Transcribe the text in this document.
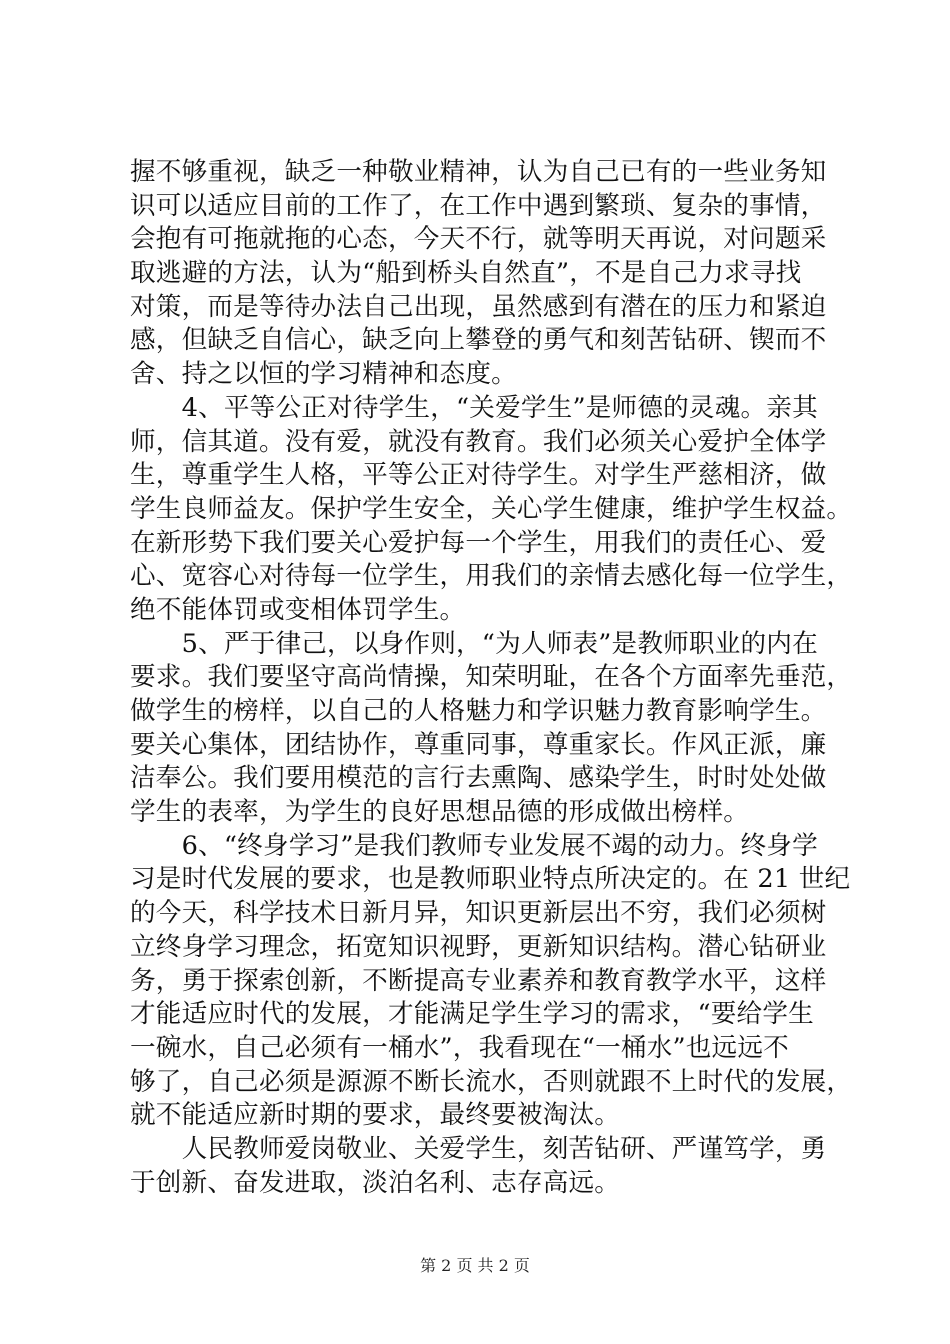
握不够重视，缺乏一种敬业精神，认为自己已有的一些业务知
识可以适应目前的工作了，在工作中遇到繁琐、复杂的事情，
会抱有可拖就拖的心态，今天不行，就等明天再说，对问题采
取逃避的方法，认为“船到桥头自然直”，不是自己力求寻找
对策，而是等待办法自己出现，虽然感到有潜在的压力和紧迫
感，但缺乏自信心，缺乏向上攀登的勇气和刻苦钻研、锲而不
舍、持之以恒的学习精神和态度。
　　4、平等公正对待学生，“关爱学生”是师德的灵魂。亲其
师，信其道。没有爱，就没有教育。我们必须关心爱护全体学
生，尊重学生人格，平等公正对待学生。对学生严慈相济，做
学生良师益友。保护学生安全，关心学生健康，维护学生权益。
在新形势下我们要关心爱护每一个学生，用我们的责任心、爱
心、宽容心对待每一位学生，用我们的亲情去感化每一位学生，
绝不能体罚或变相体罚学生。
　　5、严于律己，以身作则，“为人师表”是教师职业的内在
要求。我们要坚守高尚情操，知荣明耻，在各个方面率先垂范，
做学生的榜样，以自己的人格魅力和学识魅力教育影响学生。
要关心集体，团结协作，尊重同事，尊重家长。作风正派，廉
洁奉公。我们要用模范的言行去熏陶、感染学生，时时处处做
学生的表率，为学生的良好思想品德的形成做出榜样。
　　6、“终身学习”是我们教师专业发展不竭的动力。终身学
习是时代发展的要求，也是教师职业特点所决定的。在 21 世纪
的今天，科学技术日新月异，知识更新层出不穷，我们必须树
立终身学习理念，拓宽知识视野，更新知识结构。潜心钻研业
务，勇于探索创新，不断提高专业素养和教育教学水平，这样
才能适应时代的发展，才能满足学生学习的需求，“要给学生
一碗水，自己必须有一桶水”，我看现在“一桶水”也远远不
够了，自己必须是源源不断长流水，否则就跟不上时代的发展，
就不能适应新时期的要求，最终要被淘汰。
　　人民教师爱岗敬业、关爱学生，刻苦钻研、严谨笃学，勇
于创新、奋发进取，淡泊名利、志存高远。
第 2 页 共 2 页
